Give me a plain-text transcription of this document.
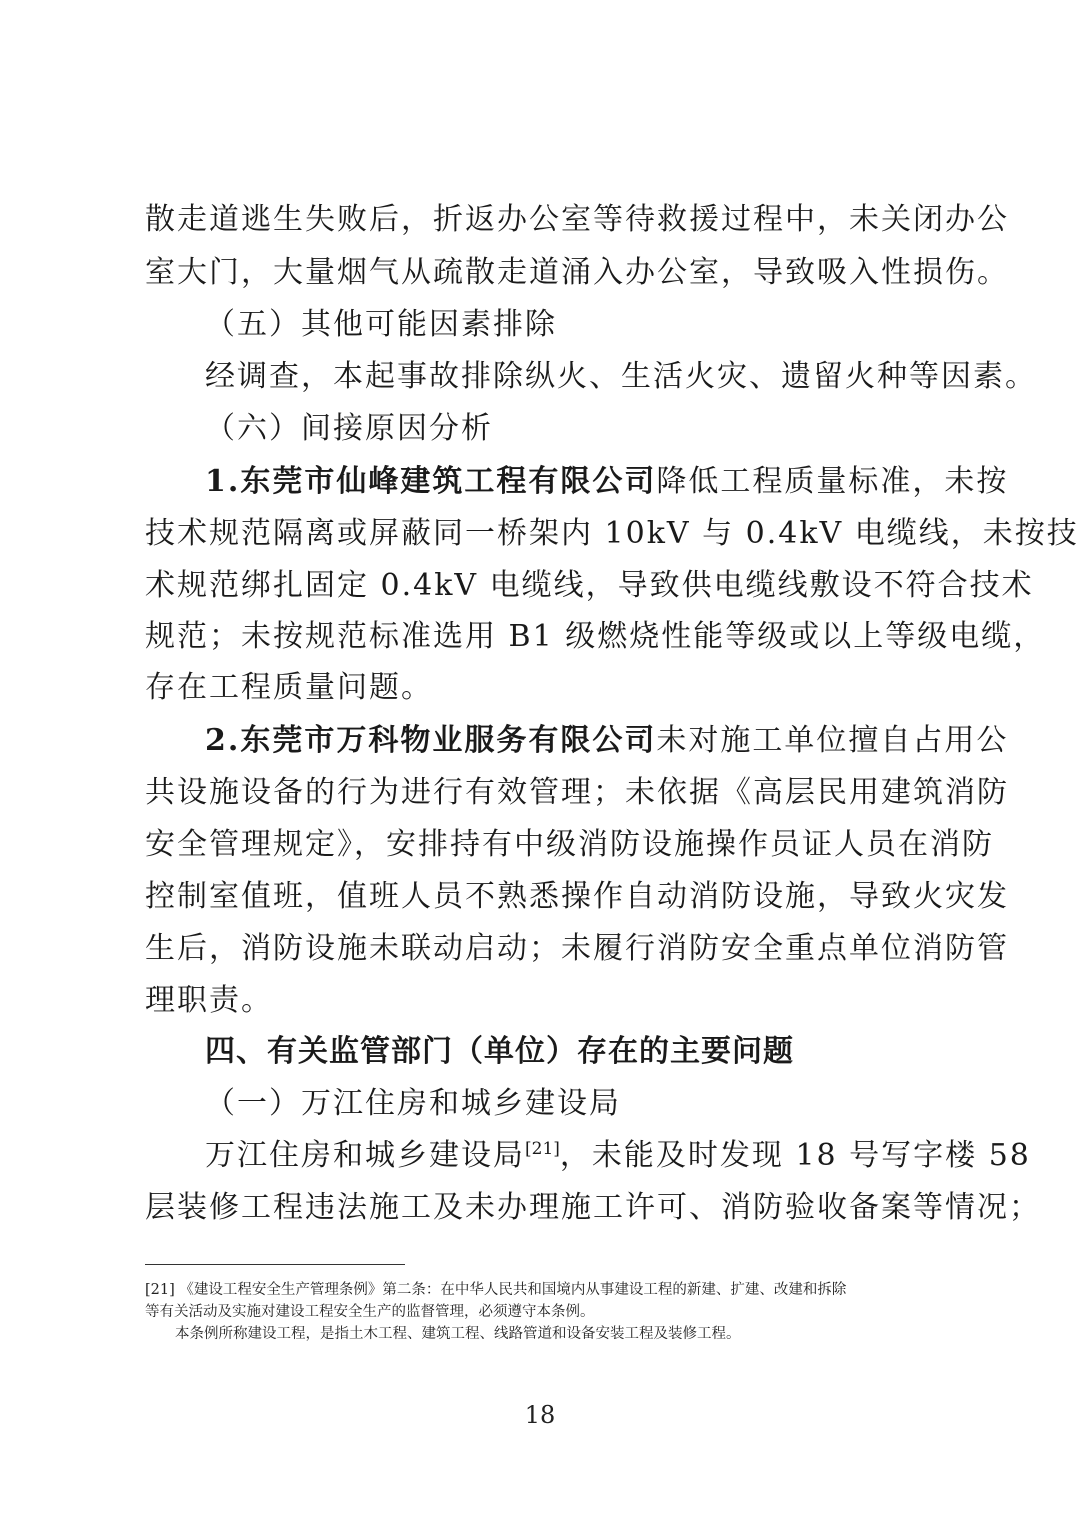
散走道逃生失败后，折返办公室等待救援过程中，未关闭办公
室大门，大量烟气从疏散走道涌入办公室，导致吸入性损伤。
（五）其他可能因素排除
经调查，本起事故排除纵火、生活火灾、遗留火种等因素。
（六）间接原因分析
1.东莞市仙峰建筑工程有限公司降低工程质量标准，未按
技术规范隔离或屏蔽同一桥架内 10kV 与 0.4kV 电缆线，未按技
术规范绑扎固定 0.4kV 电缆线，导致供电缆线敷设不符合技术
规范；未按规范标准选用 B1 级燃烧性能等级或以上等级电缆，
存在工程质量问题。
2.东莞市万科物业服务有限公司未对施工单位擅自占用公
共设施设备的行为进行有效管理；未依据《高层民用建筑消防
安全管理规定》，安排持有中级消防设施操作员证人员在消防
控制室值班，值班人员不熟悉操作自动消防设施，导致火灾发
生后，消防设施未联动启动；未履行消防安全重点单位消防管
理职责。
四、有关监管部门（单位）存在的主要问题
（一）万江住房和城乡建设局
万江住房和城乡建设局[21]，未能及时发现 18 号写字楼 58
层装修工程违法施工及未办理施工许可、消防验收备案等情况；
[21] 《建设工程安全生产管理条例》第二条：在中华人民共和国境内从事建设工程的新建、扩建、改建和拆除
等有关活动及实施对建设工程安全生产的监督管理，必须遵守本条例。
本条例所称建设工程，是指土木工程、建筑工程、线路管道和设备安装工程及装修工程。
18
